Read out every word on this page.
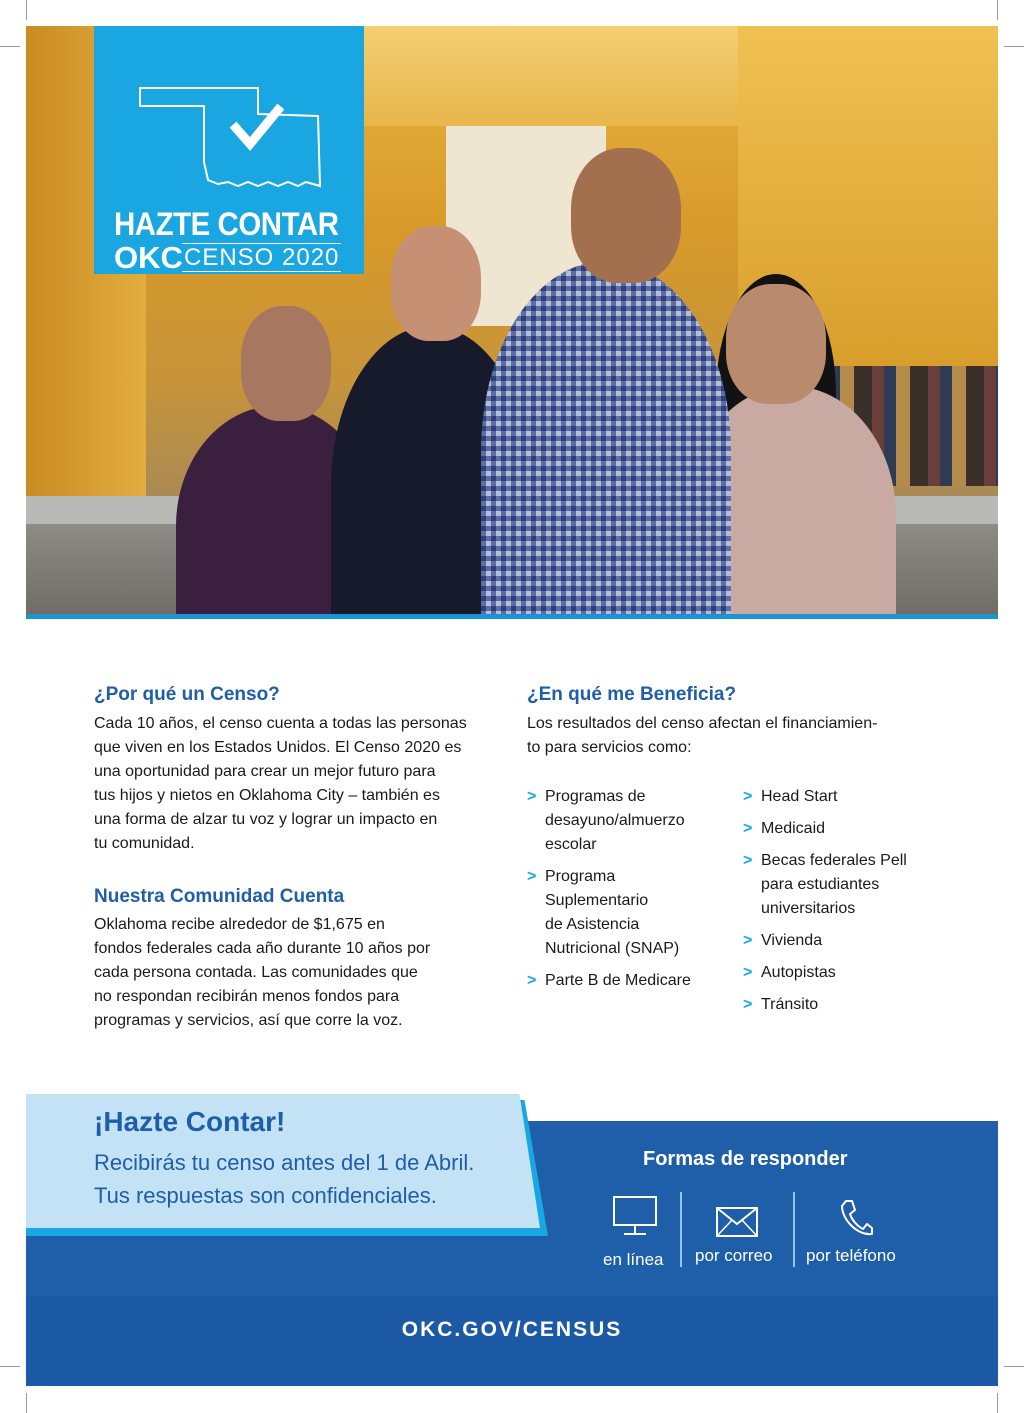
HAZTE CONTAR
OKC CENSO 2020
¿Por qué un Censo?
Cada 10 años, el censo cuenta a todas las personas
que viven en los Estados Unidos. El Censo 2020 es
una oportunidad para crear un mejor futuro para
tus hijos y nietos en Oklahoma City – también es
una forma de alzar tu voz y lograr un impacto en
tu comunidad.
Nuestra Comunidad Cuenta
Oklahoma recibe alrededor de $1,675 en
fondos federales cada año durante 10 años por
cada persona contada. Las comunidades que
no respondan recibirán menos fondos para
programas y servicios, así que corre la voz.
¿En qué me Beneficia?
Los resultados del censo afectan el financiamien-
to para servicios como:
> Programas de
desayuno/almuerzo
escolar
> Programa
Suplementario
de Asistencia
Nutricional (SNAP)
> Parte B de Medicare
> Head Start
> Medicaid
> Becas federales Pell
para estudiantes
universitarios
> Vivienda
> Autopistas
> Tránsito
¡Hazte Contar!
Recibirás tu censo antes del 1 de Abril.
Tus respuestas son confidenciales.
Formas de responder
en línea por correo por teléfono
OKC.GOV/CENSUS
